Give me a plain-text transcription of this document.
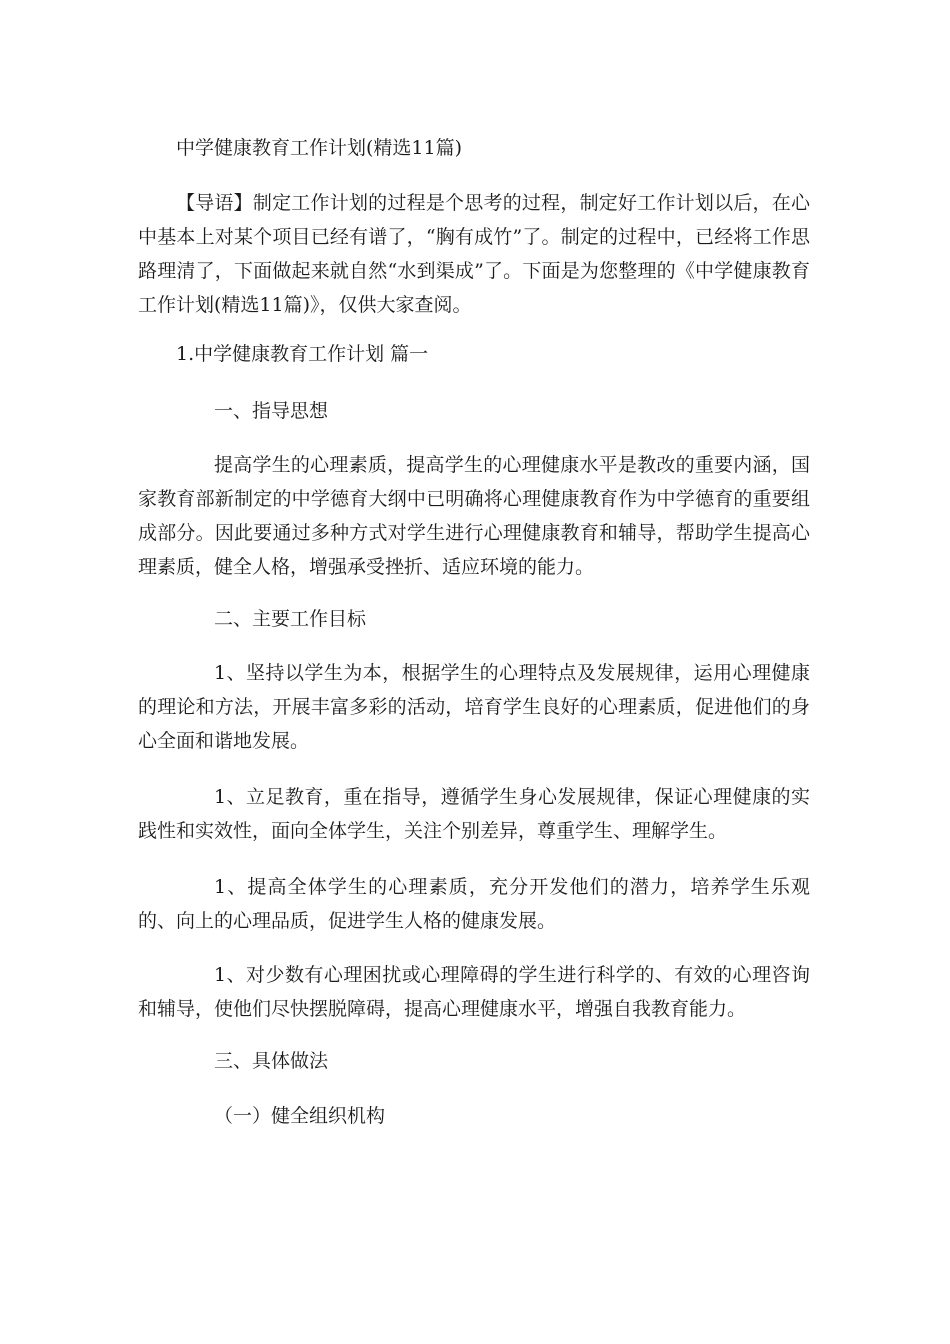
中学健康教育工作计划(精选11篇)
【导语】制定工作计划的过程是个思考的过程，制定好工作计划以后，在心中基本上对某个项目已经有谱了，“胸有成竹”了。制定的过程中，已经将工作思路理清了，下面做起来就自然“水到渠成”了。下面是为您整理的《中学健康教育工作计划(精选11篇)》，仅供大家查阅。
1.中学健康教育工作计划 篇一
一、指导思想
提高学生的心理素质，提高学生的心理健康水平是教改的重要内涵，国家教育部新制定的中学德育大纲中已明确将心理健康教育作为中学德育的重要组成部分。因此要通过多种方式对学生进行心理健康教育和辅导，帮助学生提高心理素质，健全人格，增强承受挫折、适应环境的能力。
二、主要工作目标
1、坚持以学生为本，根据学生的心理特点及发展规律，运用心理健康的理论和方法，开展丰富多彩的活动，培育学生良好的心理素质，促进他们的身心全面和谐地发展。
1、立足教育，重在指导，遵循学生身心发展规律，保证心理健康的实践性和实效性，面向全体学生，关注个别差异，尊重学生、理解学生。
1、提高全体学生的心理素质，充分开发他们的潜力，培养学生乐观的、向上的心理品质，促进学生人格的健康发展。
1、对少数有心理困扰或心理障碍的学生进行科学的、有效的心理咨询和辅导，使他们尽快摆脱障碍，提高心理健康水平，增强自我教育能力。
三、具体做法
（一）健全组织机构
